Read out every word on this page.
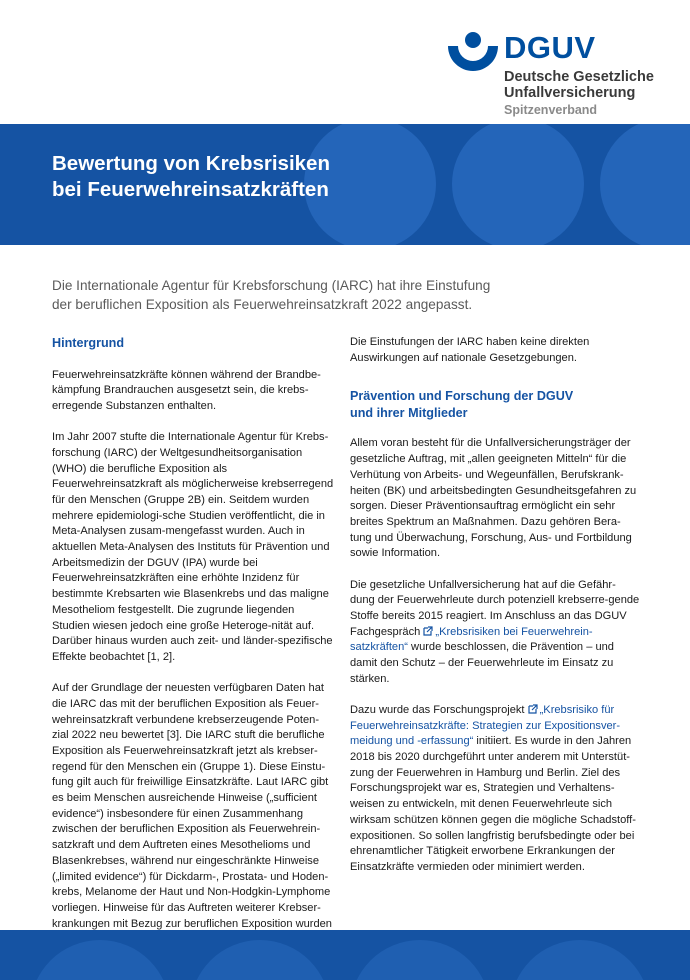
DGUV
Deutsche Gesetzliche
Unfallversicherung
Spitzenverband
Bewertung von Krebsrisiken
bei Feuerwehreinsatzkräften
Die Internationale Agentur für Krebsforschung (IARC) hat ihre Einstufung
der beruflichen Exposition als Feuerwehreinsatzkraft 2022 angepasst.
Hintergrund

Feuerwehreinsatzkräfte können während der Brandbe-kämpfung Brandrauchen ausgesetzt sein, die krebs-erregende Substanzen enthalten.

Im Jahr 2007 stufte die Internationale Agentur für Krebs-forschung (IARC) der Weltgesundheitsorganisation (WHO) die berufliche Exposition als Feuerwehreinsatzkraft als möglicherweise krebserregend für den Menschen (Gruppe 2B) ein. Seitdem wurden mehrere epidemiologi-sche Studien veröffentlicht, die in Meta-Analysen zusam-mengefasst wurden. Auch in aktuellen Meta-Analysen des Instituts für Prävention und Arbeitsmedizin der DGUV (IPA) wurde bei Feuerwehreinsatzkräften eine erhöhte Inzidenz für bestimmte Krebsarten wie Blasenkrebs und das maligne Mesotheliom festgestellt. Die zugrunde liegenden Studien wiesen jedoch eine große Heteroge-nität auf. Darüber hinaus wurden auch zeit- und länder-spezifische Effekte beobachtet [1, 2].

Auf der Grundlage der neuesten verfügbaren Daten hat die IARC das mit der beruflichen Exposition als Feuer-wehreinsatzkraft verbundene krebserzeugende Poten-zial 2022 neu bewertet [3]. Die IARC stuft die berufliche Exposition als Feuerwehreinsatzkraft jetzt als krebser-regend für den Menschen ein (Gruppe 1). Diese Einstu-fung gilt auch für freiwillige Einsatzkräfte. Laut IARC gibt es beim Menschen ausreichende Hinweise („sufficient evidence“) insbesondere für einen Zusammenhang zwischen der beruflichen Exposition als Feuerwehrein-satzkraft und dem Auftreten eines Mesothelioms und Blasenkrebses, während nur eingeschränkte Hinweise („limited evidence“) für Dickdarm-, Prostata- und Hoden-krebs, Melanome der Haut und Non-Hodgkin-Lymphome vorliegen. Hinweise für das Auftreten weiterer Krebser-krankungen mit Bezug zur beruflichen Exposition wurden

Die Einstufungen der IARC haben keine direkten Auswirkungen auf nationale Gesetzgebungen.

Prävention und Forschung der DGUV
und ihrer Mitglieder

Allem voran besteht für die Unfallversicherungsträger der gesetzliche Auftrag, mit „allen geeigneten Mitteln“ für die Verhütung von Arbeits- und Wegeunfällen, Berufskrank-heiten (BK) und arbeitsbedingten Gesundheitsgefahren zu sorgen. Dieser Präventionsauftrag ermöglicht ein sehr breites Spektrum an Maßnahmen. Dazu gehören Bera-tung und Überwachung, Forschung, Aus- und Fortbildung sowie Information.

Die gesetzliche Unfallversicherung hat auf die Gefähr-dung der Feuerwehrleute durch potenziell krebserre-gende Stoffe bereits 2015 reagiert. Im Anschluss an das DGUV Fachgespräch „Krebsrisiken bei Feuerwehrein-satzkräften“ wurde beschlossen, die Prävention – und damit den Schutz – der Feuerwehrleute im Einsatz zu stärken.

Dazu wurde das Forschungsprojekt „Krebsrisiko für Feuerwehreinsatzkräfte: Strategien zur Expositionsver-meidung und -erfassung“ initiiert. Es wurde in den Jahren 2018 bis 2020 durchgeführt unter anderem mit Unterstüt-zung der Feuerwehren in Hamburg und Berlin. Ziel des Forschungsprojekt war es, Strategien und Verhaltens-weisen zu entwickeln, mit denen Feuerwehrleute sich wirksam schützen können gegen die mögliche Schadstoff-expositionen. So sollen langfristig berufsbedingte oder bei ehrenamtlicher Tätigkeit erworbene Erkrankungen der Einsatzkräfte vermieden oder minimiert werden.
